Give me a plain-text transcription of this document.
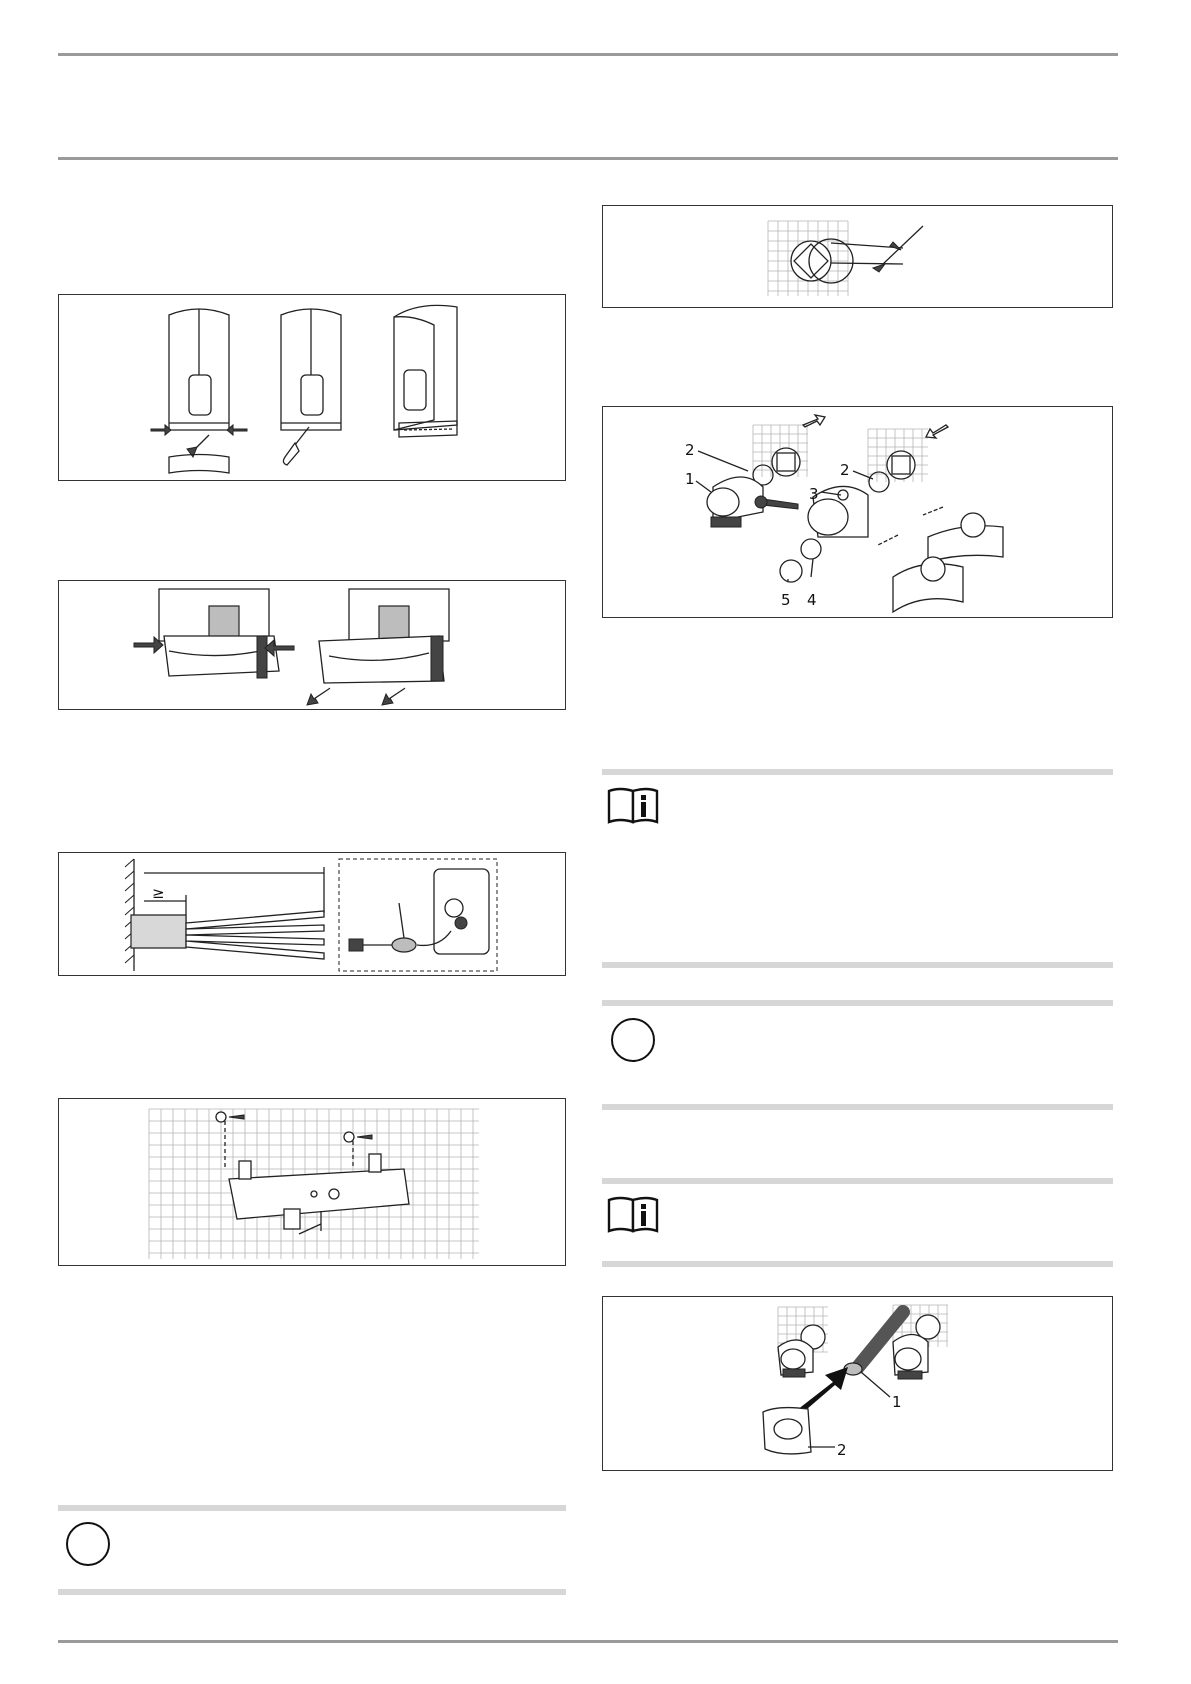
≥
2
1	2
3
4
5
1
2
